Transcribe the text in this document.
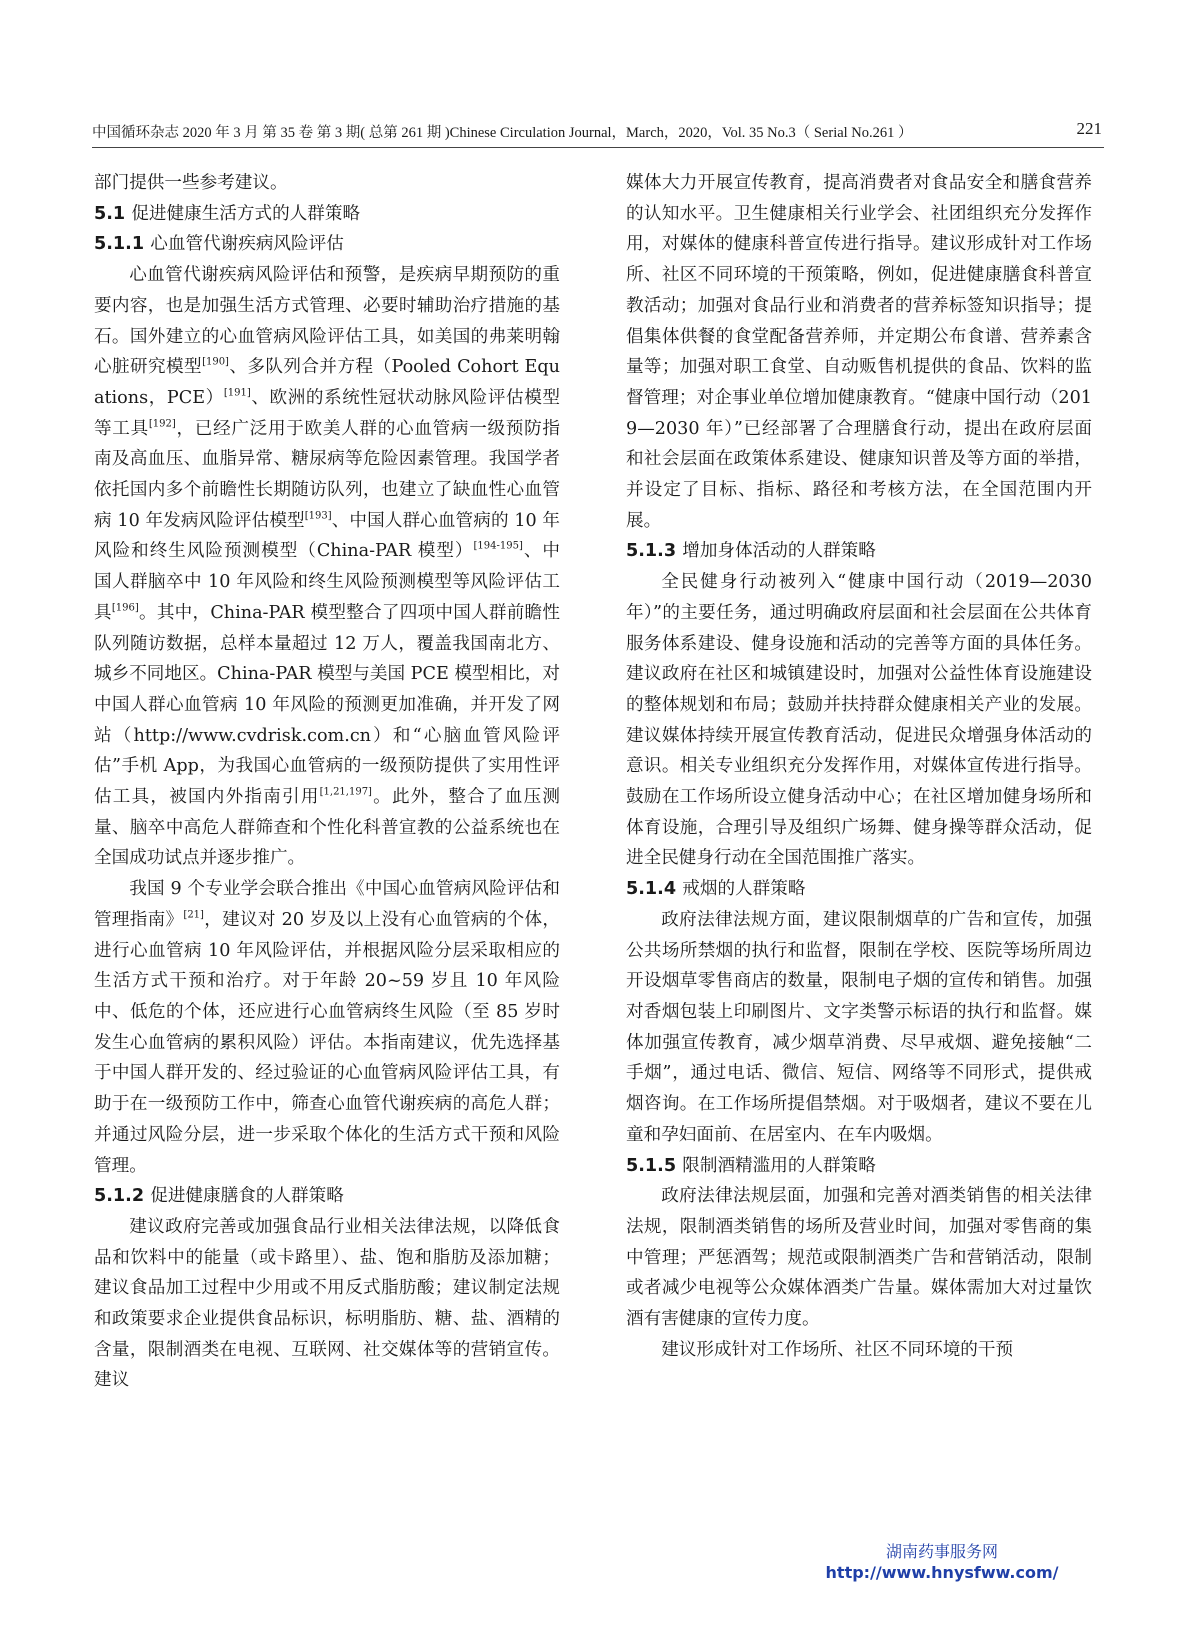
中国循环杂志 2020 年 3 月 第 35 卷 第 3 期( 总第 261 期 )Chinese Circulation Journal，March，2020，Vol. 35 No.3（ Serial No.261 ）	221

部门提供一些参考建议。

5.1 促进健康生活方式的人群策略
5.1.1 心血管代谢疾病风险评估

心血管代谢疾病风险评估和预警，是疾病早期预防的重要内容，也是加强生活方式管理、必要时辅助治疗措施的基石。国外建立的心血管病风险评估工具，如美国的弗莱明翰心脏研究模型[190]、多队列合并方程（Pooled Cohort Equations，PCE）[191]、欧洲的系统性冠状动脉风险评估模型等工具[192]，已经广泛用于欧美人群的心血管病一级预防指南及高血压、血脂异常、糖尿病等危险因素管理。我国学者依托国内多个前瞻性长期随访队列，也建立了缺血性心血管病 10 年发病风险评估模型[193]、中国人群心血管病的 10 年风险和终生风险预测模型（China-PAR 模型）[194-195]、中国人群脑卒中 10 年风险和终生风险预测模型等风险评估工具[196]。其中，China-PAR 模型整合了四项中国人群前瞻性队列随访数据，总样本量超过 12 万人，覆盖我国南北方、城乡不同地区。China-PAR 模型与美国 PCE 模型相比，对中国人群心血管病 10 年风险的预测更加准确，并开发了网站（http://www.cvdrisk.com.cn）和“心脑血管风险评估”手机 App，为我国心血管病的一级预防提供了实用性评估工具，被国内外指南引用[1,21,197]。此外，整合了血压测量、脑卒中高危人群筛查和个性化科普宣教的公益系统也在全国成功试点并逐步推广。

我国 9 个专业学会联合推出《中国心血管病风险评估和管理指南》[21]，建议对 20 岁及以上没有心血管病的个体，进行心血管病 10 年风险评估，并根据风险分层采取相应的生活方式干预和治疗。对于年龄 20~59 岁且 10 年风险中、低危的个体，还应进行心血管病终生风险（至 85 岁时发生心血管病的累积风险）评估。本指南建议，优先选择基于中国人群开发的、经过验证的心血管病风险评估工具，有助于在一级预防工作中，筛查心血管代谢疾病的高危人群；并通过风险分层，进一步采取个体化的生活方式干预和风险管理。

5.1.2 促进健康膳食的人群策略

建议政府完善或加强食品行业相关法律法规，以降低食品和饮料中的能量（或卡路里）、盐、饱和脂肪及添加糖；建议食品加工过程中少用或不用反式脂肪酸；建议制定法规和政策要求企业提供食品标识，标明脂肪、糖、盐、酒精的含量，限制酒类在电视、互联网、社交媒体等的营销宣传。建议

媒体大力开展宣传教育，提高消费者对食品安全和膳食营养的认知水平。卫生健康相关行业学会、社团组织充分发挥作用，对媒体的健康科普宣传进行指导。建议形成针对工作场所、社区不同环境的干预策略，例如，促进健康膳食科普宣教活动；加强对食品行业和消费者的营养标签知识指导；提倡集体供餐的食堂配备营养师，并定期公布食谱、营养素含量等；加强对职工食堂、自动贩售机提供的食品、饮料的监督管理；对企事业单位增加健康教育。“健康中国行动（2019—2030 年）”已经部署了合理膳食行动，提出在政府层面和社会层面在政策体系建设、健康知识普及等方面的举措，并设定了目标、指标、路径和考核方法，在全国范围内开展。

5.1.3 增加身体活动的人群策略

全民健身行动被列入“健康中国行动（2019—2030 年）”的主要任务，通过明确政府层面和社会层面在公共体育服务体系建设、健身设施和活动的完善等方面的具体任务。建议政府在社区和城镇建设时，加强对公益性体育设施建设的整体规划和布局；鼓励并扶持群众健康相关产业的发展。建议媒体持续开展宣传教育活动，促进民众增强身体活动的意识。相关专业组织充分发挥作用，对媒体宣传进行指导。鼓励在工作场所设立健身活动中心；在社区增加健身场所和体育设施，合理引导及组织广场舞、健身操等群众活动，促进全民健身行动在全国范围推广落实。

5.1.4 戒烟的人群策略

政府法律法规方面，建议限制烟草的广告和宣传，加强公共场所禁烟的执行和监督，限制在学校、医院等场所周边开设烟草零售商店的数量，限制电子烟的宣传和销售。加强对香烟包装上印刷图片、文字类警示标语的执行和监督。媒体加强宣传教育，减少烟草消费、尽早戒烟、避免接触“二手烟”，通过电话、微信、短信、网络等不同形式，提供戒烟咨询。在工作场所提倡禁烟。对于吸烟者，建议不要在儿童和孕妇面前、在居室内、在车内吸烟。

5.1.5 限制酒精滥用的人群策略

政府法律法规层面，加强和完善对酒类销售的相关法律法规，限制酒类销售的场所及营业时间，加强对零售商的集中管理；严惩酒驾；规范或限制酒类广告和营销活动，限制或者减少电视等公众媒体酒类广告量。媒体需加大对过量饮酒有害健康的宣传力度。

建议形成针对工作场所、社区不同环境的干预

湖南药事服务网
http://www.hnysfww.com/
